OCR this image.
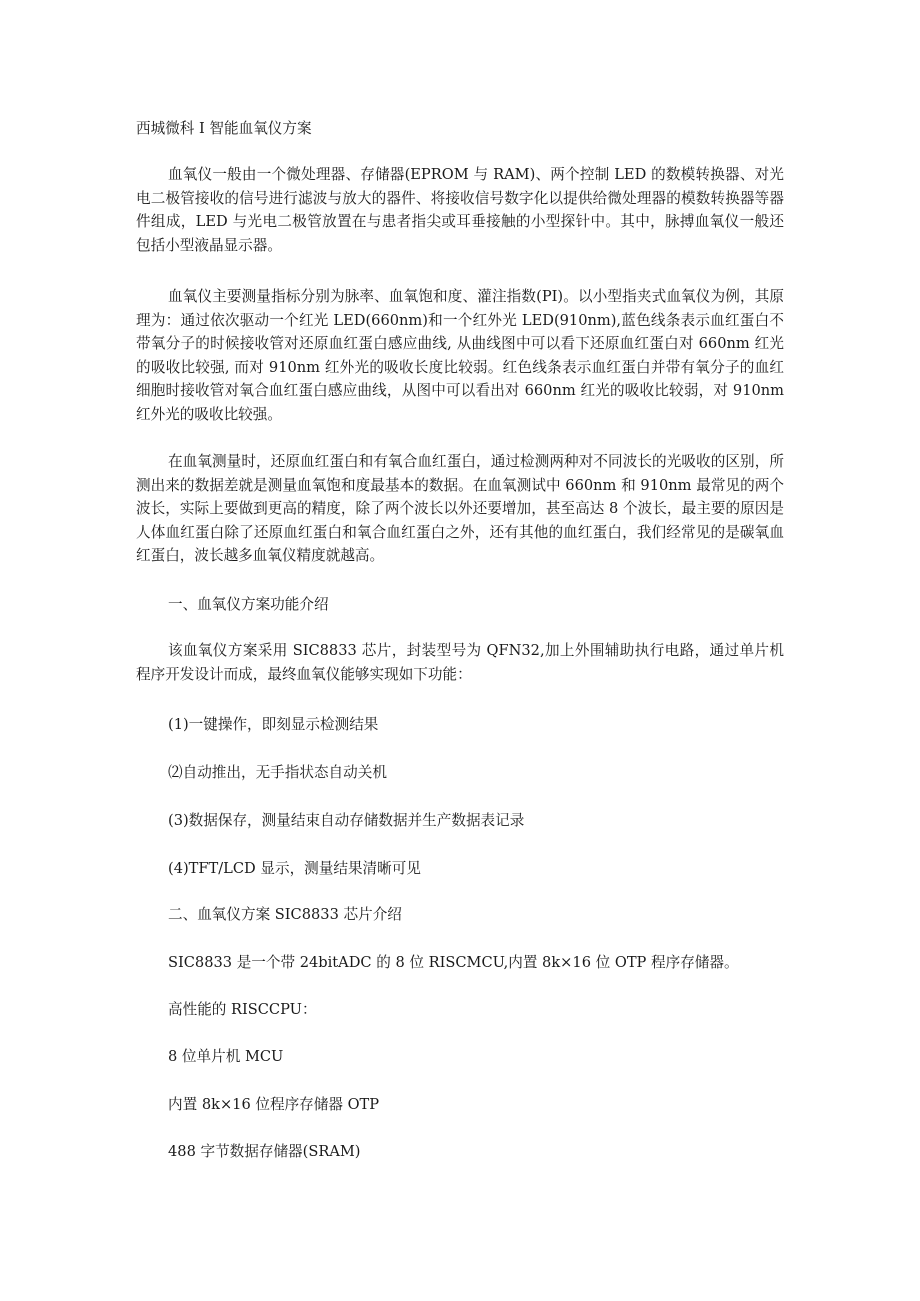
西城微科 I 智能血氧仪方案

血氧仪一般由一个微处理器、存储器(EPROM 与 RAM)、两个控制 LED 的数模转换器、对光电二极管接收的信号进行滤波与放大的器件、将接收信号数字化以提供给微处理器的模数转换器等器件组成，LED 与光电二极管放置在与患者指尖或耳垂接触的小型探针中。其中，脉搏血氧仪一般还包括小型液晶显示器。

血氧仪主要测量指标分别为脉率、血氧饱和度、灌注指数(PI)。以小型指夹式血氧仪为例，其原理为：通过依次驱动一个红光 LED(660nm)和一个红外光 LED(910nm),蓝色线条表示血红蛋白不带氧分子的时候接收管对还原血红蛋白感应曲线, 从曲线图中可以看下还原血红蛋白对 660nm 红光的吸收比较强, 而对 910nm 红外光的吸收长度比较弱。红色线条表示血红蛋白并带有氧分子的血红细胞时接收管对氧合血红蛋白感应曲线，从图中可以看出对 660nm 红光的吸收比较弱，对 910nm 红外光的吸收比较强。

在血氧测量时，还原血红蛋白和有氧合血红蛋白，通过检测两种对不同波长的光吸收的区别，所测出来的数据差就是测量血氧饱和度最基本的数据。在血氧测试中 660nm 和 910nm 最常见的两个波长，实际上要做到更高的精度，除了两个波长以外还要增加，甚至高达 8 个波长，最主要的原因是人体血红蛋白除了还原血红蛋白和氧合血红蛋白之外，还有其他的血红蛋白，我们经常见的是碳氧血红蛋白，波长越多血氧仪精度就越高。

一、血氧仪方案功能介绍

该血氧仪方案采用 SIC8833 芯片，封装型号为 QFN32,加上外围辅助执行电路，通过单片机程序开发设计而成，最终血氧仪能够实现如下功能：

(1)一键操作，即刻显示检测结果

⑵自动推出，无手指状态自动关机

(3)数据保存，测量结束自动存储数据并生产数据表记录

(4)TFT/LCD 显示，测量结果清晰可见

二、血氧仪方案 SIC8833 芯片介绍

SIC8833 是一个带 24bitADC 的 8 位 RISCMCU,内置 8k×16 位 OTP 程序存储器。

高性能的 RISCCPU：

8 位单片机 MCU

内置 8k×16 位程序存储器 OTP

488 字节数据存储器(SRAM)
